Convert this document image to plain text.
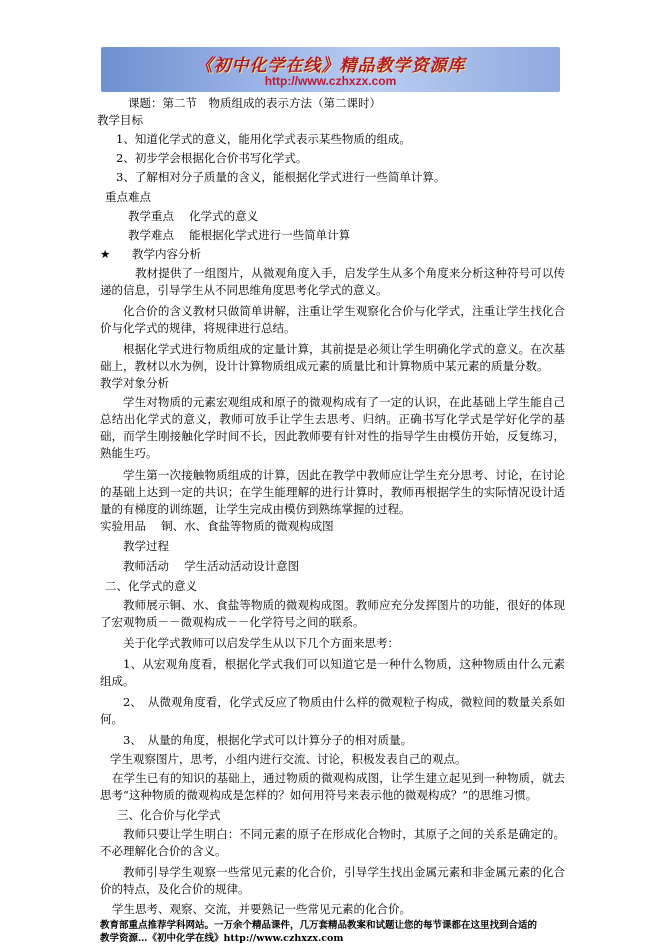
《初中化学在线》精品教学资源库
http://www.czhxzx.com
课题：第二节　物质组成的表示方法（第二课时）
教学目标
1、知道化学式的意义，能用化学式表示某些物质的组成。
2、初步学会根据化合价书写化学式。
3、了解相对分子质量的含义，能根据化学式进行一些简单计算。
重点难点
教学重点　 化学式的意义
教学难点　 能根据化学式进行一些简单计算
★ 教学内容分析
教材提供了一组图片，从微观角度入手，启发学生从多个角度来分析这种符号可以传递的信息，引导学生从不同思维角度思考化学式的意义。
化合价的含义教材只做简单讲解，注重让学生观察化合价与化学式，注重让学生找化合价与化学式的规律，将规律进行总结。
根据化学式进行物质组成的定量计算，其前提是必须让学生明确化学式的意义。在次基础上，教材以水为例，设计计算物质组成元素的质量比和计算物质中某元素的质量分数。
教学对象分析
学生对物质的元素宏观组成和原子的微观构成有了一定的认识，在此基础上学生能自己总结出化学式的意义，教师可放手让学生去思考、归纳。正确书写化学式是学好化学的基础，而学生刚接触化学时间不长，因此教师要有针对性的指导学生由模仿开始，反复练习，熟能生巧。
学生第一次接触物质组成的计算，因此在教学中教师应让学生充分思考、讨论，在讨论的基础上达到一定的共识；在学生能理解的进行计算时，教师再根据学生的实际情况设计适量的有梯度的训练题，让学生完成由模仿到熟练掌握的过程。
实验用品　 铜、水、食盐等物质的微观构成图
教学过程
教师活动　 学生活动活动设计意图
二、化学式的意义
教师展示铜、水、食盐等物质的微观构成图。教师应充分发挥图片的功能，很好的体现了宏观物质－－微观构成－－化学符号之间的联系。
关于化学式教师可以启发学生从以下几个方面来思考：
1、从宏观角度看，根据化学式我们可以知道它是一种什么物质，这种物质由什么元素组成。
2、　从微观角度看，化学式反应了物质由什么样的微观粒子构成，微粒间的数量关系如何。
3、　从量的角度，根据化学式可以计算分子的相对质量。
学生观察图片，思考，小组内进行交流、讨论，积极发表自己的观点。
在学生已有的知识的基础上，通过物质的微观构成图，让学生建立起见到一种物质，就去思考“这种物质的微观构成是怎样的？如何用符号来表示他的微观构成？”的思维习惯。
三、化合价与化学式
教师只要让学生明白：不同元素的原子在形成化合物时，其原子之间的关系是确定的。不必理解化合价的含义。
教师引导学生观察一些常见元素的化合价，引导学生找出金属元素和非金属元素的化合价的特点，及化合价的规律。
学生思考、观察、交流，并要熟记一些常见元素的化合价。
教育部重点推荐学科网站。一万余个精品课件，几万套精品教案和试题让您的每节课都在这里找到合适的
教学资源…《初中化学在线》http://www.czhxzx.com
